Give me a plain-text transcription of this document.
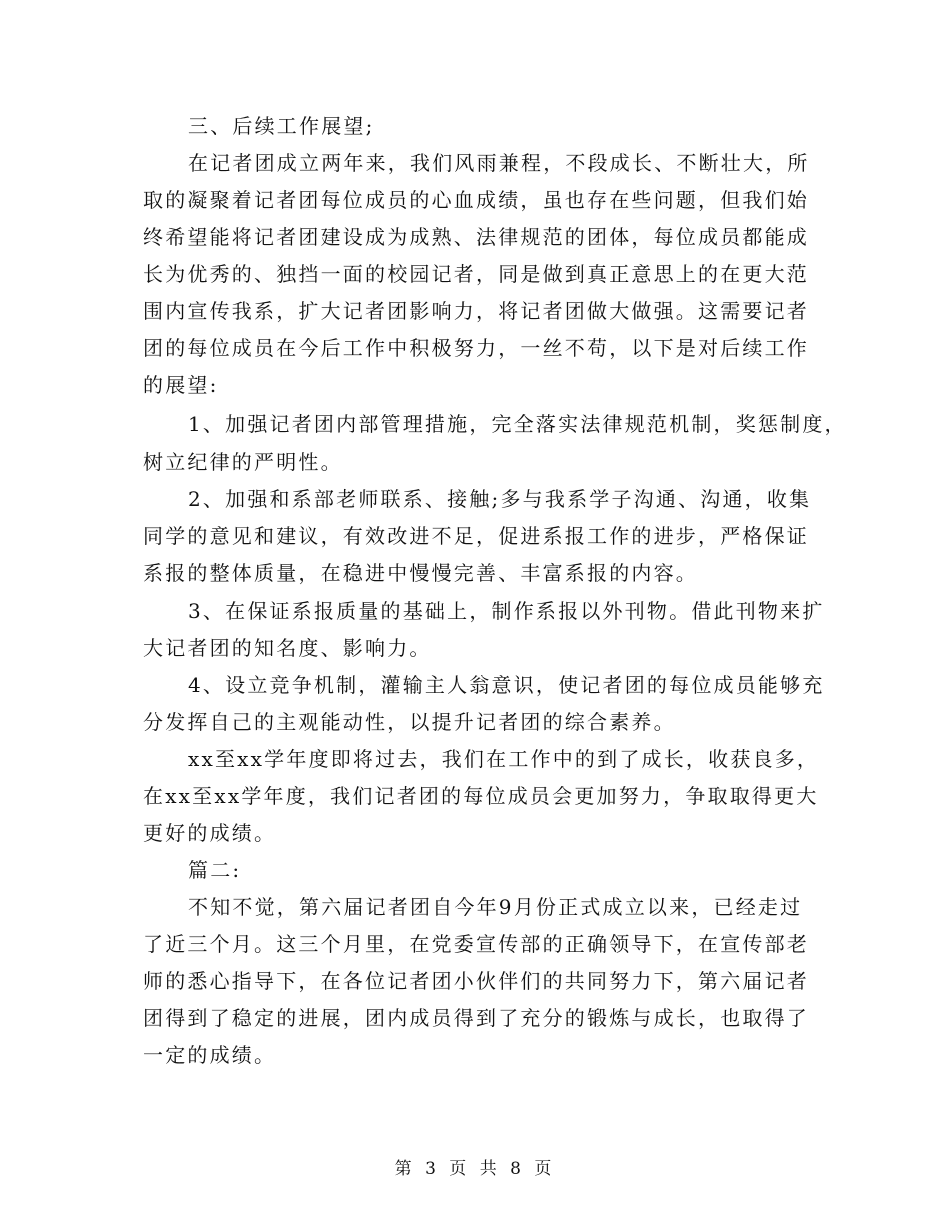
三、后续工作展望;
在记者团成立两年来，我们风雨兼程，不段成长、不断壮大，所
取的凝聚着记者团每位成员的心血成绩，虽也存在些问题，但我们始
终希望能将记者团建设成为成熟、法律规范的团体，每位成员都能成
长为优秀的、独挡一面的校园记者，同是做到真正意思上的在更大范
围内宣传我系，扩大记者团影响力，将记者团做大做强。这需要记者
团的每位成员在今后工作中积极努力，一丝不苟，以下是对后续工作
的展望:
1、加强记者团内部管理措施，完全落实法律规范机制，奖惩制度，
树立纪律的严明性。
2、加强和系部老师联系、接触;多与我系学子沟通、沟通，收集
同学的意见和建议，有效改进不足，促进系报工作的进步，严格保证
系报的整体质量，在稳进中慢慢完善、丰富系报的内容。
3、在保证系报质量的基础上，制作系报以外刊物。借此刊物来扩
大记者团的知名度、影响力。
4、设立竞争机制，灌输主人翁意识，使记者团的每位成员能够充
分发挥自己的主观能动性，以提升记者团的综合素养。
xx至xx学年度即将过去，我们在工作中的到了成长，收获良多，
在xx至xx学年度，我们记者团的每位成员会更加努力，争取取得更大
更好的成绩。
篇二:
不知不觉，第六届记者团自今年9月份正式成立以来，已经走过
了近三个月。这三个月里，在党委宣传部的正确领导下，在宣传部老
师的悉心指导下，在各位记者团小伙伴们的共同努力下，第六届记者
团得到了稳定的进展，团内成员得到了充分的锻炼与成长，也取得了
一定的成绩。
第 3 页 共 8 页
